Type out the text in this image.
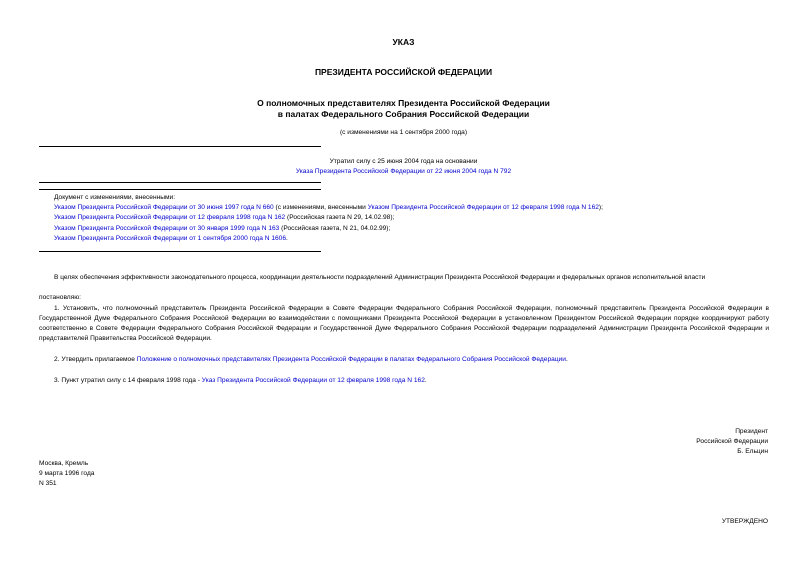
УКАЗ
ПРЕЗИДЕНТА РОССИЙСКОЙ ФЕДЕРАЦИИ
О полномочных представителях Президента Российской Федерации
в палатах Федерального Собрания Российской Федерации
(с изменениями на 1 сентября 2000 года)
Утратил силу с 25 июня 2004 года на основании
Указа Президента Российской Федерации от 22 июня 2004 года N 792
Документ с изменениями, внесенными:
Указом Президента Российской Федерации от 30 июня 1997 года N 660 (с изменениями, внесенными Указом Президента Российской Федерации от 12 февраля 1998 года N 162);
Указом Президента Российской Федерации от 12 февраля 1998 года N 162 (Российская газета N 29, 14.02.98);
Указом Президента Российской Федерации от 30 января 1999 года N 163 (Российская газета, N 21, 04.02.99);
Указом Президента Российской Федерации от 1 сентября 2000 года N 1606.
В целях обеспечения эффективности законодательного процесса, координации деятельности подразделений Администрации Президента Российской Федерации и федеральных органов исполнительной власти
постановляю:
1. Установить, что полномочный представитель Президента Российской Федерации в Совете Федерации Федерального Собрания Российской Федерации, полномочный представитель Президента Российской Федерации в Государственной Думе Федерального Собрания Российской Федерации во взаимодействии с помощниками Президента Российской Федерации в установленном Президентом Российской Федерации порядке координируют работу соответственно в Совете Федерации Федерального Собрания Российской Федерации и Государственной Думе Федерального Собрания Российской Федерации подразделений Администрации Президента Российской Федерации и представителей Правительства Российской Федерации.
2. Утвердить прилагаемое Положение о полномочных представителях Президента Российской Федерации в палатах Федерального Собрания Российской Федерации.
3. Пункт утратил силу с 14 февраля 1998 года - Указ Президента Российской Федерации от 12 февраля 1998 года N 162.
Президент
Российской Федерации
Б. Ельцин
Москва, Кремль
9 марта 1996 года
N 351
УТВЕРЖДЕНО
